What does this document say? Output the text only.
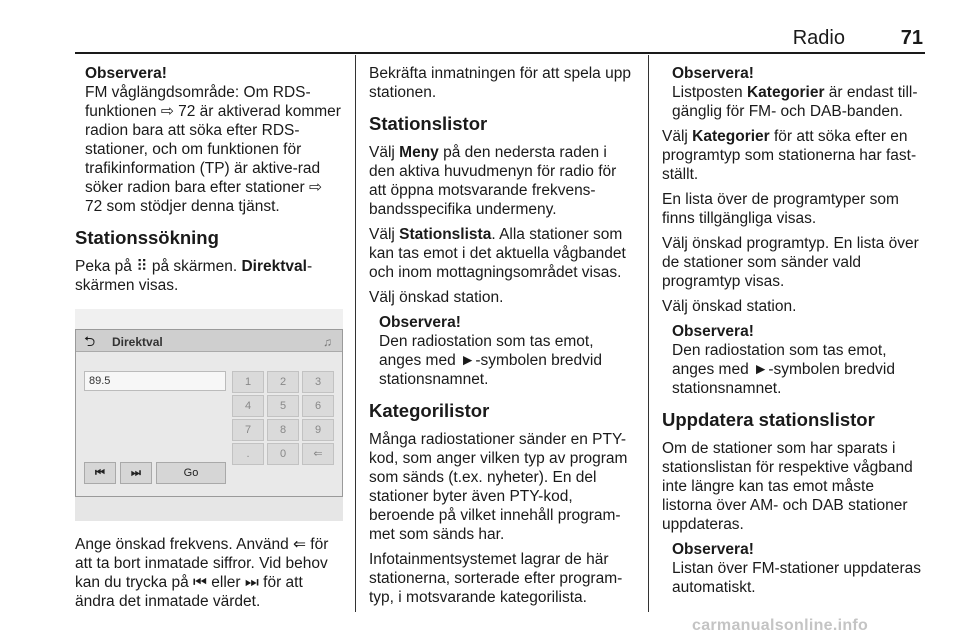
Radio	71
Observera!
FM våglängdsområde: Om RDS-funktionen ⇨ 72 är aktiverad kommer radion bara att söka efter RDS-stationer, och om funktionen för trafikinformation (TP) är aktive-rad söker radion bara efter stationer ⇨ 72 som stödjer denna tjänst.
Stationssökning

Peka på ⠿ på skärmen. Direktval-skärmen visas.

⮌ Direktval	♫
89.5	1	2	3
4	5	6
7	8	9
.	0	⇐
⏮	⏭	Go

Ange önskad frekvens. Använd ⇐ för att ta bort inmatade siffror. Vid behov kan du trycka på ⏮ eller ⏭ för att ändra det inmatade värdet.

Bekräfta inmatningen för att spela upp stationen.

Stationslistor

Välj Meny på den nedersta raden i den aktiva huvudmenyn för radio för att öppna motsvarande frekvens-bandsspecifika undermeny.

Välj Stationslista. Alla stationer som kan tas emot i det aktuella vågbandet och inom mottagningsområdet visas.

Välj önskad station.

Observera!
Den radiostation som tas emot, anges med ►-symbolen bredvid stationsnamnet.
Kategorilistor

Många radiostationer sänder en PTY-kod, som anger vilken typ av program som sänds (t.ex. nyheter). En del stationer byter även PTY-kod, beroende på vilket innehåll program-met som sänds har.

Infotainmentsystemet lagrar de här stationerna, sorterade efter program-typ, i motsvarande kategorilista.

Observera!
Listposten Kategorier är endast till-gänglig för FM- och DAB-banden.

Välj Kategorier för att söka efter en programtyp som stationerna har fast-ställt.

En lista över de programtyper som finns tillgängliga visas.

Välj önskad programtyp. En lista över de stationer som sänder vald programtyp visas.

Välj önskad station.

Observera!
Den radiostation som tas emot, anges med ►-symbolen bredvid stationsnamnet.
Uppdatera stationslistor

Om de stationer som har sparats i stationslistan för respektive vågband inte längre kan tas emot måste listorna över AM- och DAB stationer uppdateras.

Observera!
Listan över FM-stationer uppdateras automatiskt.
carmanualsonline.info
